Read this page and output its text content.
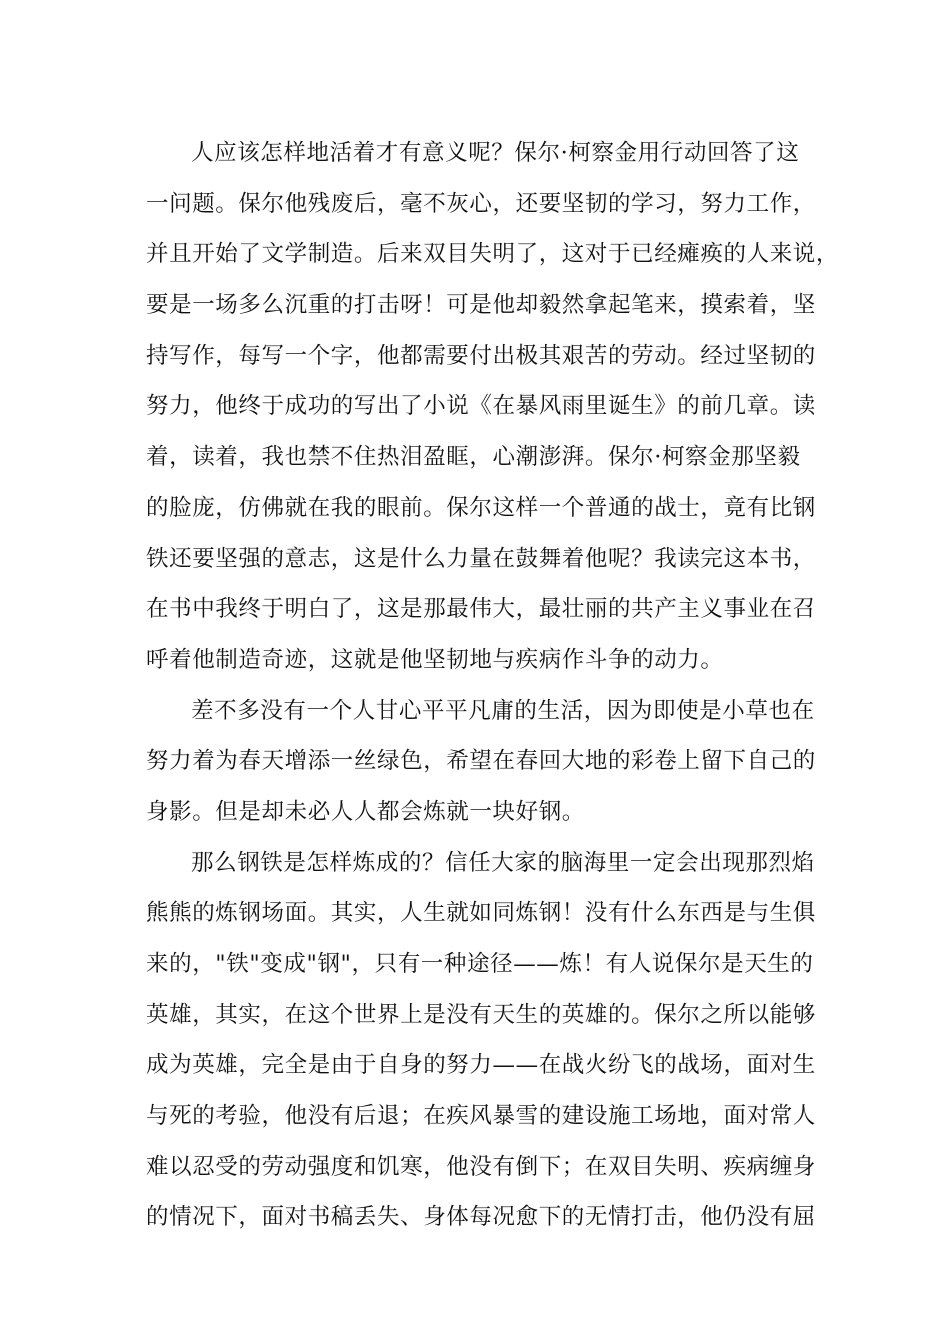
人应该怎样地活着才有意义呢？保尔·柯察金用行动回答了这
一问题。保尔他残废后，毫不灰心，还要坚韧的学习，努力工作，
并且开始了文学制造。后来双目失明了，这对于已经瘫痪的人来说，
要是一场多么沉重的打击呀！可是他却毅然拿起笔来，摸索着，坚
持写作，每写一个字，他都需要付出极其艰苦的劳动。经过坚韧的
努力，他终于成功的写出了小说《在暴风雨里诞生》的前几章。读
着，读着，我也禁不住热泪盈眶，心潮澎湃。保尔·柯察金那坚毅
的脸庞，仿佛就在我的眼前。保尔这样一个普通的战士，竟有比钢
铁还要坚强的意志，这是什么力量在鼓舞着他呢？我读完这本书，
在书中我终于明白了，这是那最伟大，最壮丽的共产主义事业在召
呼着他制造奇迹，这就是他坚韧地与疾病作斗争的动力。
差不多没有一个人甘心平平凡庸的生活，因为即使是小草也在
努力着为春天增添一丝绿色，希望在春回大地的彩卷上留下自己的
身影。但是却未必人人都会炼就一块好钢。
那么钢铁是怎样炼成的？信任大家的脑海里一定会出现那烈焰
熊熊的炼钢场面。其实，人生就如同炼钢！没有什么东西是与生俱
来的，"铁"变成"钢"，只有一种途径——炼！有人说保尔是天生的
英雄，其实，在这个世界上是没有天生的英雄的。保尔之所以能够
成为英雄，完全是由于自身的努力——在战火纷飞的战场，面对生
与死的考验，他没有后退；在疾风暴雪的建设施工场地，面对常人
难以忍受的劳动强度和饥寒，他没有倒下；在双目失明、疾病缠身
的情况下，面对书稿丢失、身体每况愈下的无情打击，他仍没有屈
